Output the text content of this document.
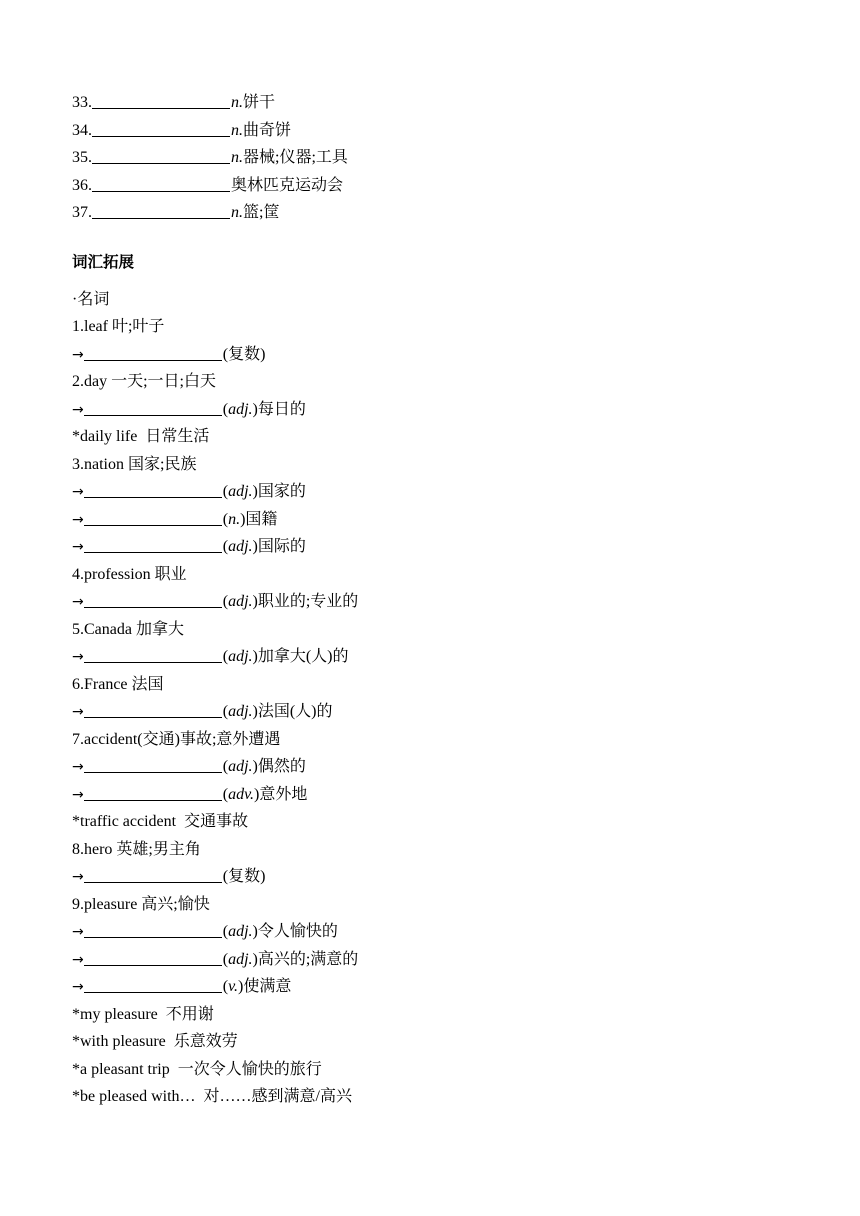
33.	n.饼干
34.	n.曲奇饼
35.	n.器械;仪器;工具
36.	奥林匹克运动会
37.	n.篮;筐
词汇拓展
·名词
1.leaf 叶;叶子
→	(复数)
2.day 一天;一日;白天
→	(adj.)每日的
*daily life 日常生活
3.nation 国家;民族
→	(adj.)国家的
→	(n.)国籍
→	(adj.)国际的
4.profession 职业
→	(adj.)职业的;专业的
5.Canada 加拿大
→	(adj.)加拿大(人)的
6.France 法国
→	(adj.)法国(人)的
7.accident(交通)事故;意外遭遇
→	(adj.)偶然的
→	(adv.)意外地
*traffic accident 交通事故
8.hero 英雄;男主角
→	(复数)
9.pleasure 高兴;愉快
→	(adj.)令人愉快的
→	(adj.)高兴的;满意的
→	(v.)使满意
*my pleasure 不用谢
*with pleasure 乐意效劳
*a pleasant trip 一次令人愉快的旅行
*be pleased with… 对……感到满意/高兴
